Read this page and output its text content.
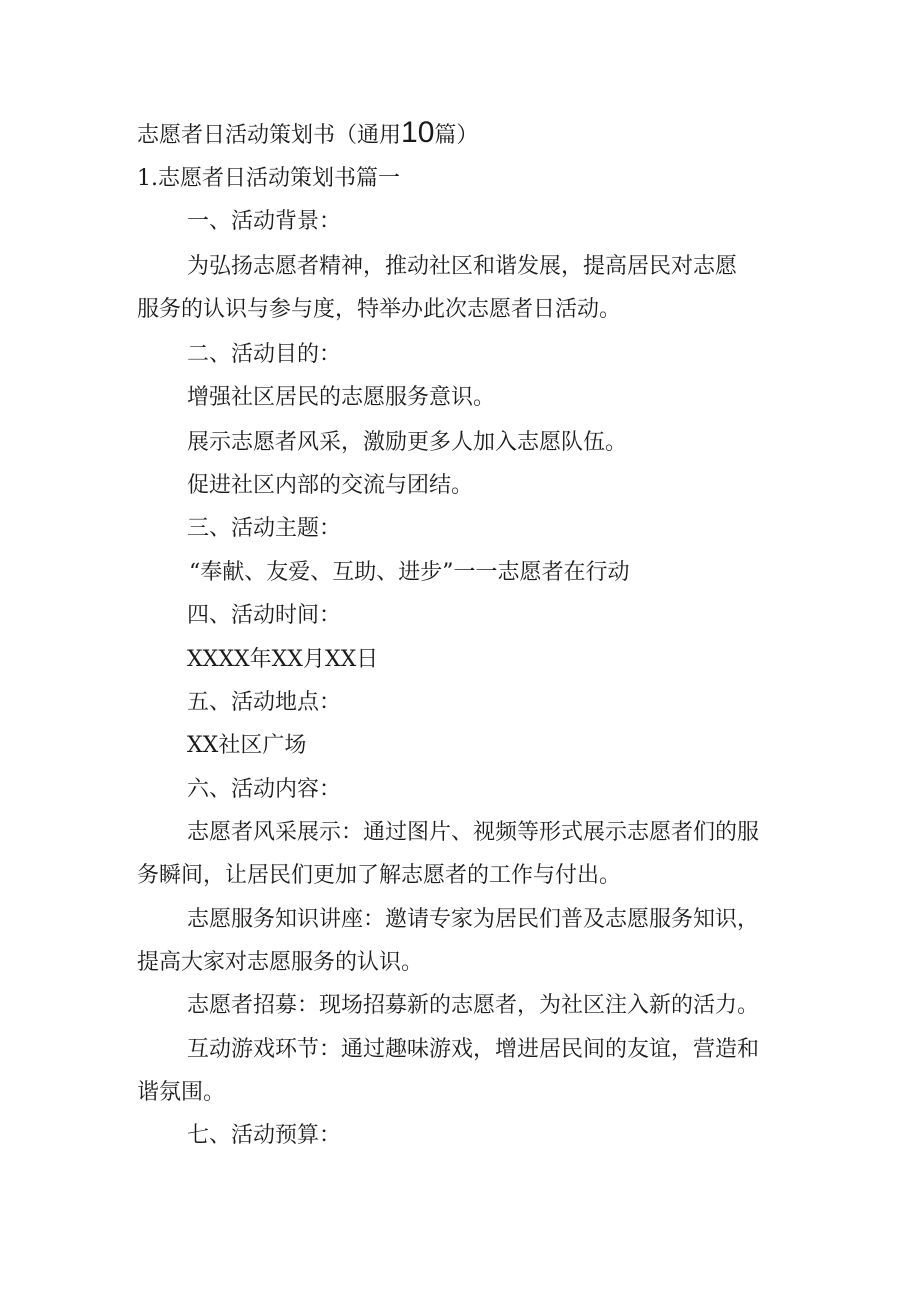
志愿者日活动策划书（通用10篇）
1.志愿者日活动策划书篇一
一、活动背景：
为弘扬志愿者精神，推动社区和谐发展，提高居民对志愿
服务的认识与参与度，特举办此次志愿者日活动。
二、活动目的：
增强社区居民的志愿服务意识。
展示志愿者风采，激励更多人加入志愿队伍。
促进社区内部的交流与团结。
三、活动主题：
“奉献、友爱、互助、进步”一一志愿者在行动
四、活动时间：
XXXX年XX月XX日
五、活动地点：
XX社区广场
六、活动内容：
志愿者风采展示：通过图片、视频等形式展示志愿者们的服
务瞬间，让居民们更加了解志愿者的工作与付出。
志愿服务知识讲座：邀请专家为居民们普及志愿服务知识，
提高大家对志愿服务的认识。
志愿者招募：现场招募新的志愿者，为社区注入新的活力。
互动游戏环节：通过趣味游戏，增进居民间的友谊，营造和
谐氛围。
七、活动预算：
